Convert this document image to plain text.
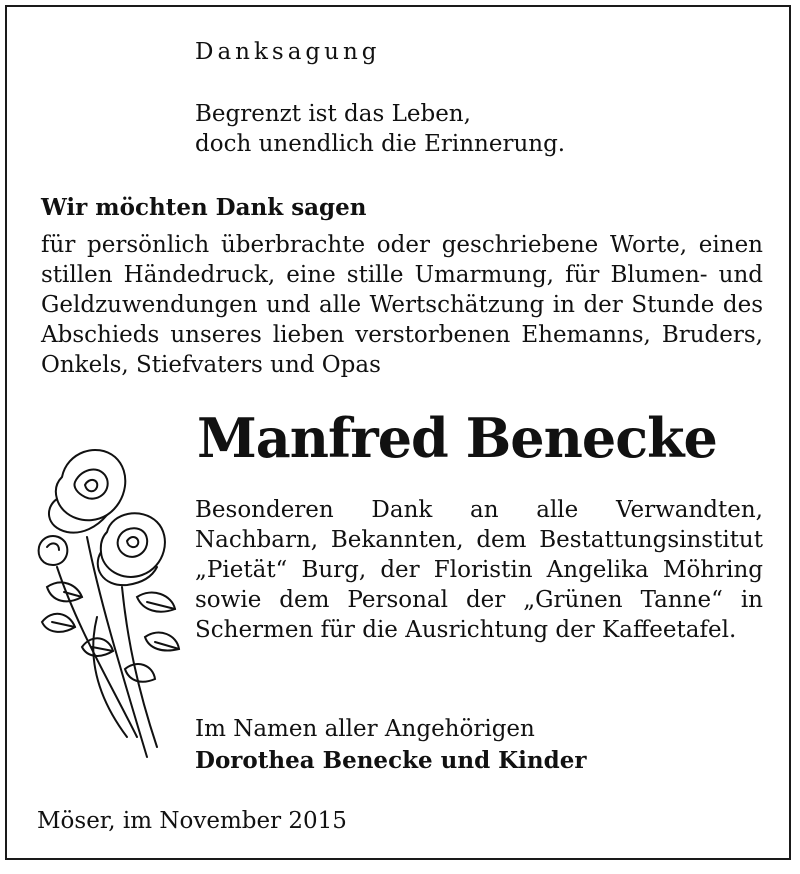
Danksagung
Begrenzt ist das Leben,
doch unendlich die Erinnerung.
Wir möchten Dank sagen
für persönlich überbrachte oder geschriebene Worte, einen stillen Händedruck, eine stille Umarmung, für Blumen- und Geldzuwendungen und alle Wertschätzung in der Stunde des Abschieds unseres lieben verstorbenen Ehemanns, Bruders, Onkels, Stiefvaters und Opas
Manfred Benecke
Besonderen Dank an alle Verwandten, Nachbarn, Bekannten, dem Bestattungsinstitut „Pietät“ Burg, der Floristin Angelika Möhring sowie dem Personal der „Grünen Tanne“ in Schermen für die Ausrichtung der Kaffeetafel.
Im Namen aller Angehörigen
Dorothea Benecke und Kinder
Möser, im November 2015
